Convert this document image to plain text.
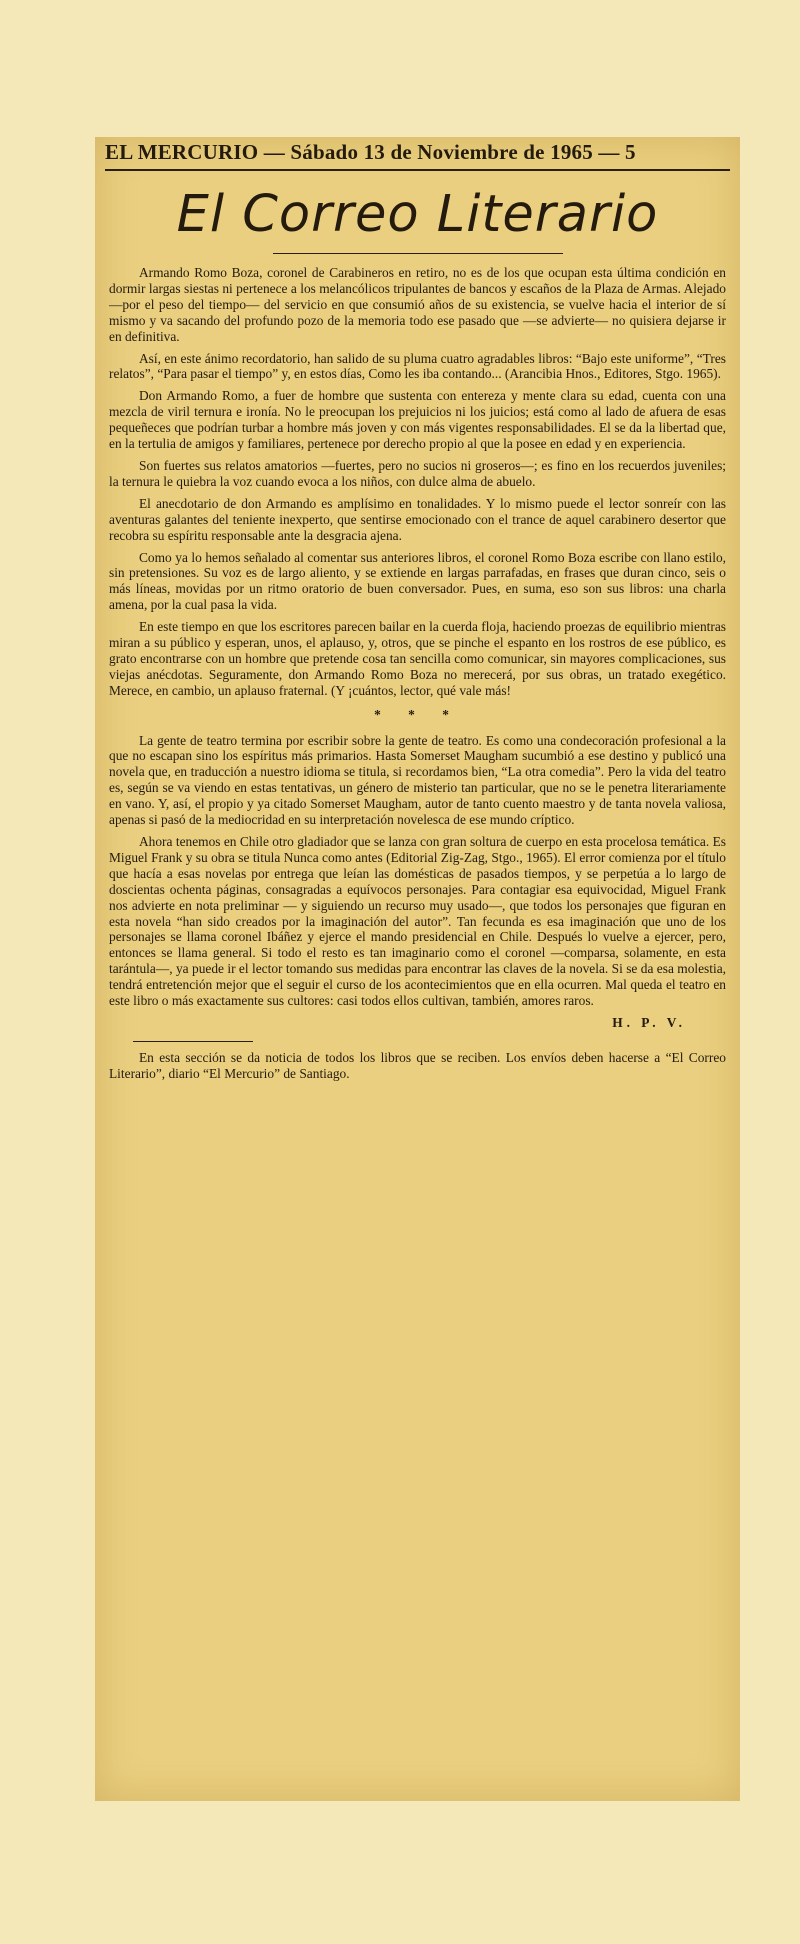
EL MERCURIO — Sábado 13 de Noviembre de 1965 — 5
El Correo Literario

Armando Romo Boza, coronel de Carabineros en retiro, no es de los que ocupan esta última condición en dormir largas siestas ni pertenece a los melancólicos tripulantes de bancos y escaños de la Plaza de Armas. Alejado —por el peso del tiempo— del servicio en que consumió años de su existencia, se vuelve hacia el interior de sí mismo y va sacando del profundo pozo de la memoria todo ese pasado que —se advierte— no quisiera dejarse ir en definitiva.

Así, en este ánimo recordatorio, han salido de su pluma cuatro agradables libros: “Bajo este uniforme”, “Tres relatos”, “Para pasar el tiempo” y, en estos días, Como les iba contando... (Arancibia Hnos., Editores, Stgo. 1965).

Don Armando Romo, a fuer de hombre que sustenta con entereza y mente clara su edad, cuenta con una mezcla de viril ternura e ironía. No le preocupan los prejuicios ni los juicios; está como al lado de afuera de esas pequeñeces que podrían turbar a hombre más joven y con más vigentes responsabilidades. El se da la libertad que, en la tertulia de amigos y familiares, pertenece por derecho propio al que la posee en edad y en experiencia.

Son fuertes sus relatos amatorios —fuertes, pero no sucios ni groseros—; es fino en los recuerdos juveniles; la ternura le quiebra la voz cuando evoca a los niños, con dulce alma de abuelo.

El anecdotario de don Armando es amplísimo en tonalidades. Y lo mismo puede el lector sonreír con las aventuras galantes del teniente inexperto, que sentirse emocionado con el trance de aquel carabinero desertor que recobra su espíritu responsable ante la desgracia ajena.

Como ya lo hemos señalado al comentar sus anteriores libros, el coronel Romo Boza escribe con llano estilo, sin pretensiones. Su voz es de largo aliento, y se extiende en largas parrafadas, en frases que duran cinco, seis o más líneas, movidas por un ritmo oratorio de buen conversador. Pues, en suma, eso son sus libros: una charla amena, por la cual pasa la vida.

En este tiempo en que los escritores parecen bailar en la cuerda floja, haciendo proezas de equilibrio mientras miran a su público y esperan, unos, el aplauso, y, otros, que se pinche el espanto en los rostros de ese público, es grato encontrarse con un hombre que pretende cosa tan sencilla como comunicar, sin mayores complicaciones, sus viejas anécdotas. Seguramente, don Armando Romo Boza no merecerá, por sus obras, un tratado exegético. Merece, en cambio, un aplauso fraternal. (Y ¡cuántos, lector, qué vale más!

* * *

La gente de teatro termina por escribir sobre la gente de teatro. Es como una condecoración profesional a la que no escapan sino los espíritus más primarios. Hasta Somerset Maugham sucumbió a ese destino y publicó una novela que, en traducción a nuestro idioma se titula, si recordamos bien, “La otra comedia”. Pero la vida del teatro es, según se va viendo en estas tentativas, un género de misterio tan particular, que no se le penetra literariamente en vano. Y, así, el propio y ya citado Somerset Maugham, autor de tanto cuento maestro y de tanta novela valiosa, apenas si pasó de la mediocridad en su interpretación novelesca de ese mundo críptico.

Ahora tenemos en Chile otro gladiador que se lanza con gran soltura de cuerpo en esta procelosa temática. Es Miguel Frank y su obra se titula Nunca como antes (Editorial Zig-Zag, Stgo., 1965). El error comienza por el título que hacía a esas novelas por entrega que leían las domésticas de pasados tiempos, y se perpetúa a lo largo de doscientas ochenta páginas, consagradas a equívocos personajes. Para contagiar esa equivocidad, Miguel Frank nos advierte en nota preliminar — y siguiendo un recurso muy usado—, que todos los personajes que figuran en esta novela “han sido creados por la imaginación del autor”. Tan fecunda es esa imaginación que uno de los personajes se llama coronel Ibáñez y ejerce el mando presidencial en Chile. Después lo vuelve a ejercer, pero, entonces se llama general. Si todo el resto es tan imaginario como el coronel —comparsa, solamente, en esta tarántula—, ya puede ir el lector tomando sus medidas para encontrar las claves de la novela. Si se da esa molestia, tendrá entretención mejor que el seguir el curso de los acontecimientos que en ella ocurren. Mal queda el teatro en este libro o más exactamente sus cultores: casi todos ellos cultivan, también, amores raros.

H. P. V.

En esta sección se da noticia de todos los libros que se reciben. Los envíos deben hacerse a “El Correo Literario”, diario “El Mercurio” de Santiago.
